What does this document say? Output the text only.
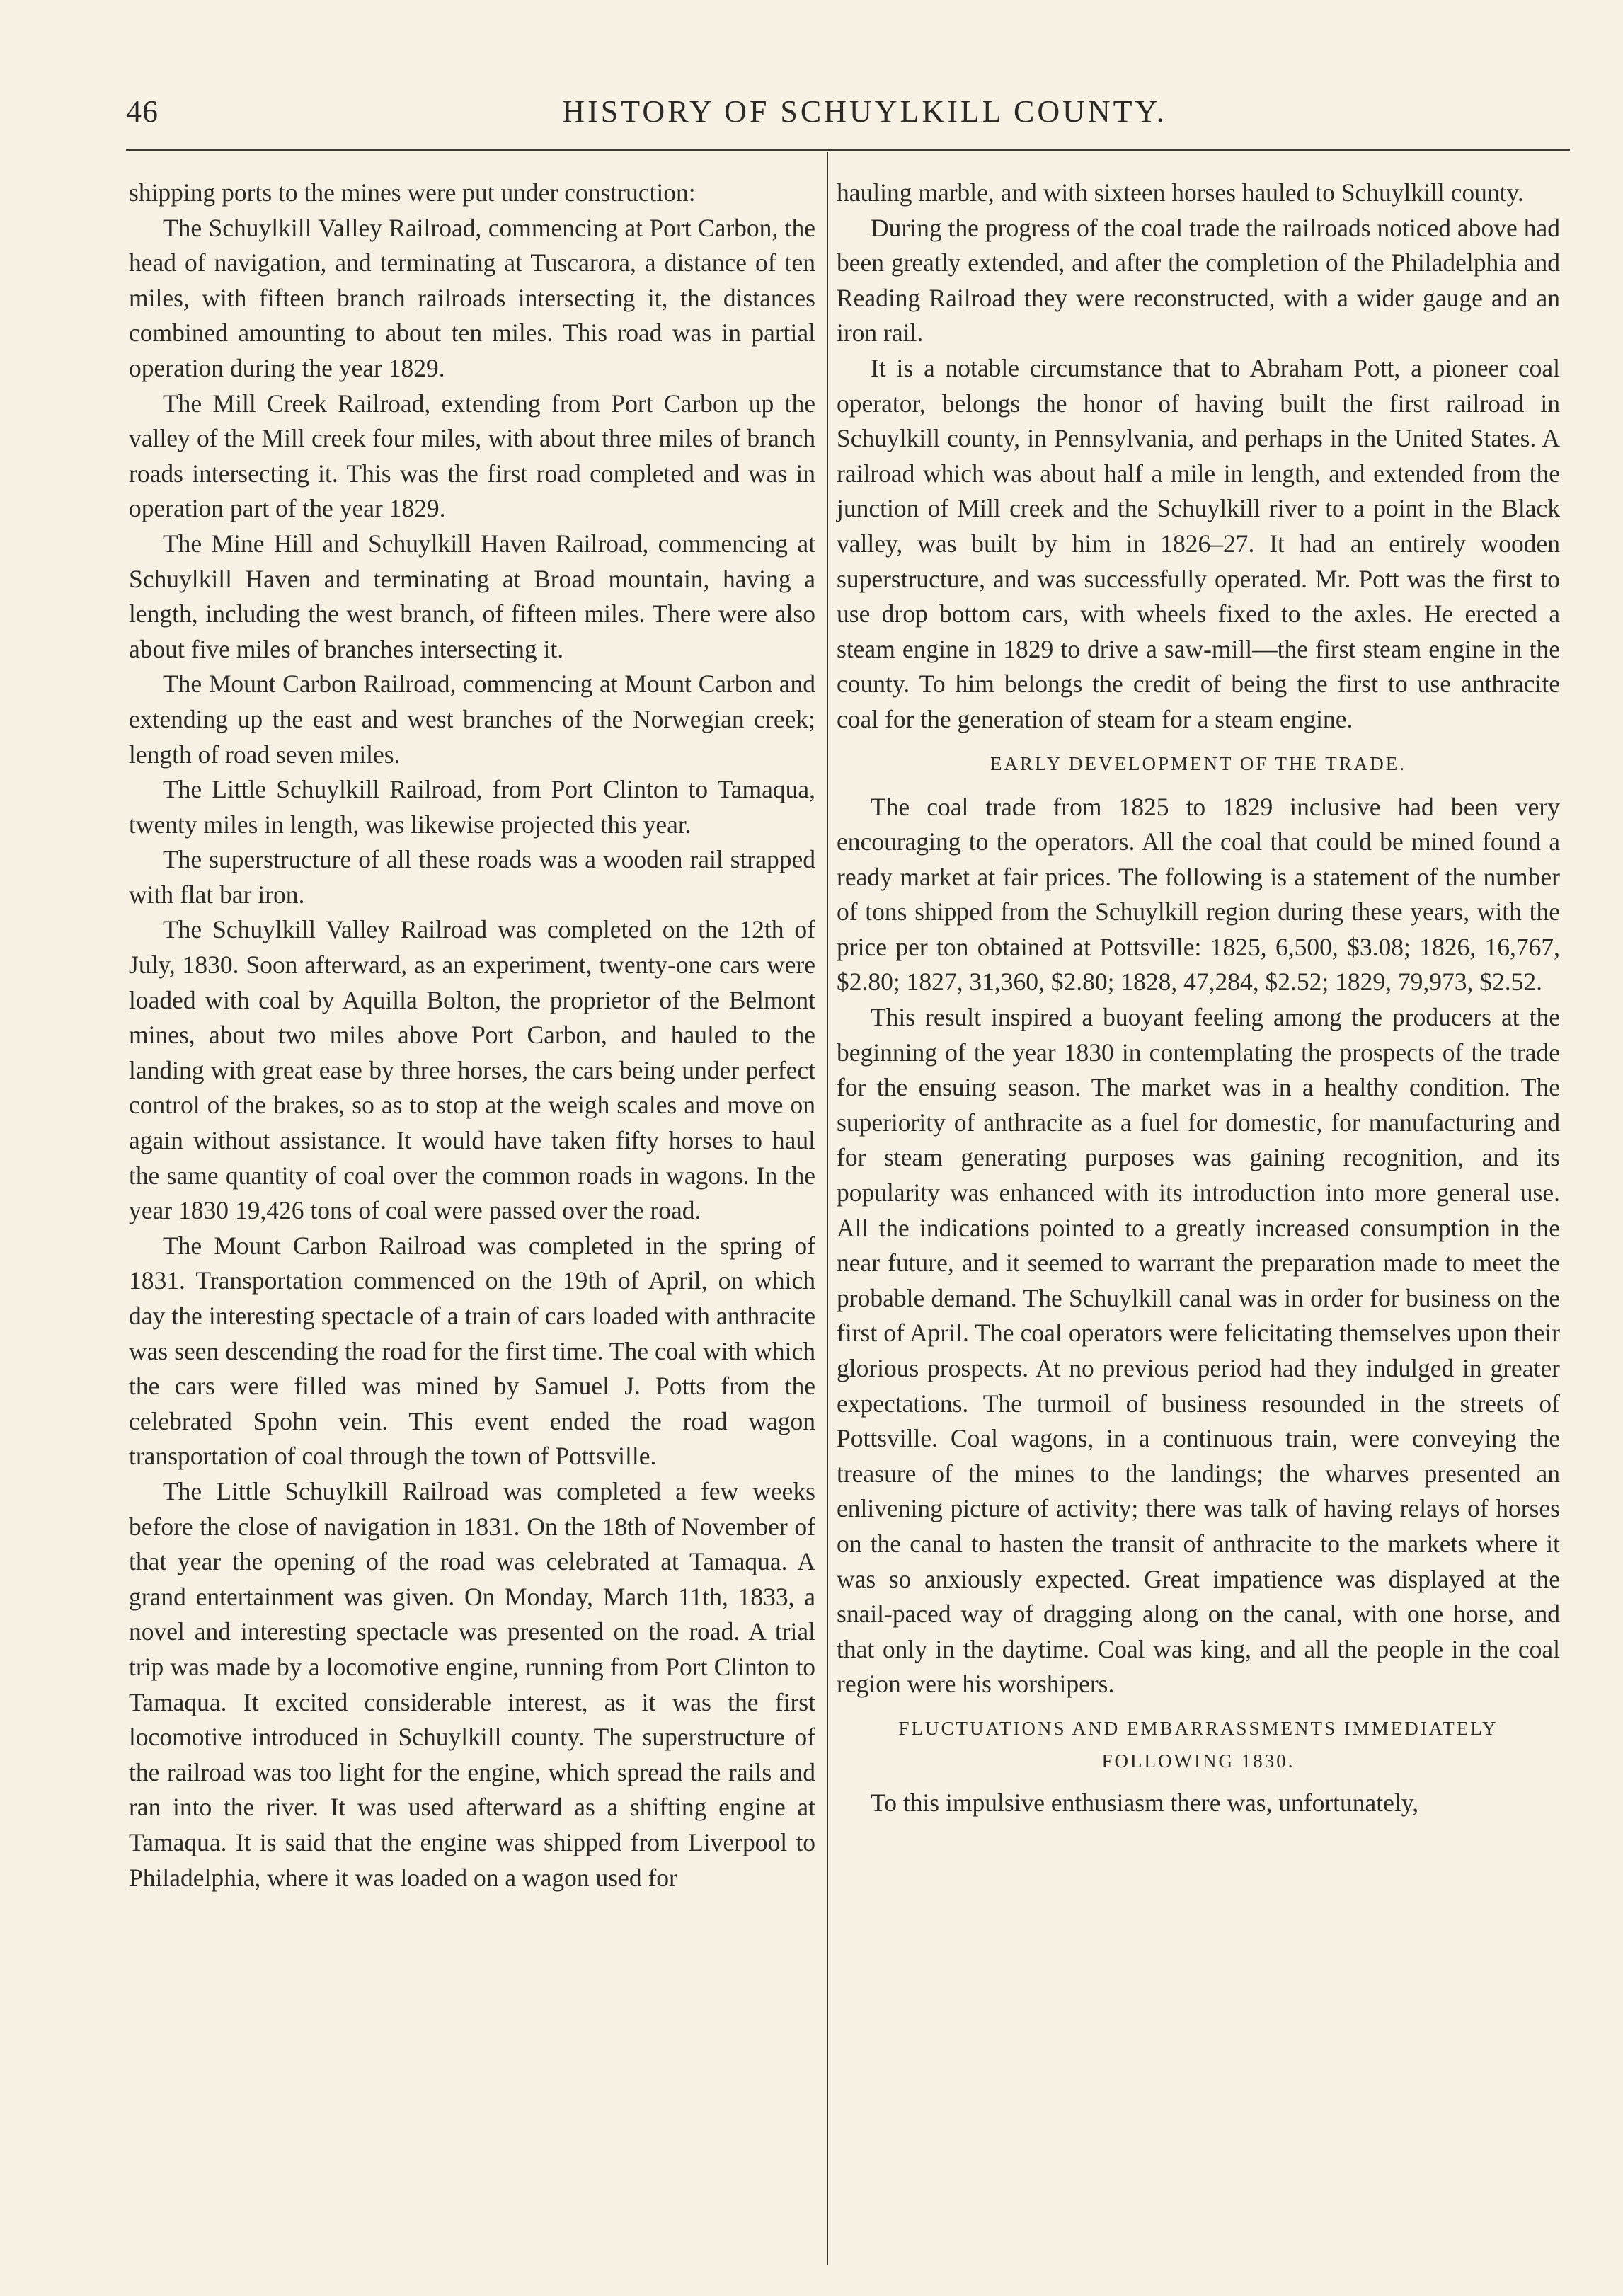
46	HISTORY OF SCHUYLKILL COUNTY.

shipping ports to the mines were put under construction:

The Schuylkill Valley Railroad, commencing at Port Carbon, the head of navigation, and terminating at Tuscarora, a distance of ten miles, with fifteen branch railroads intersecting it, the distances combined amounting to about ten miles. This road was in partial operation during the year 1829.

The Mill Creek Railroad, extending from Port Carbon up the valley of the Mill creek four miles, with about three miles of branch roads intersecting it. This was the first road completed and was in operation part of the year 1829.

The Mine Hill and Schuylkill Haven Railroad, commencing at Schuylkill Haven and terminating at Broad mountain, having a length, including the west branch, of fifteen miles. There were also about five miles of branches intersecting it.

The Mount Carbon Railroad, commencing at Mount Carbon and extending up the east and west branches of the Norwegian creek; length of road seven miles.

The Little Schuylkill Railroad, from Port Clinton to Tamaqua, twenty miles in length, was likewise projected this year.

The superstructure of all these roads was a wooden rail strapped with flat bar iron.

The Schuylkill Valley Railroad was completed on the 12th of July, 1830. Soon afterward, as an experiment, twenty-one cars were loaded with coal by Aquilla Bolton, the proprietor of the Belmont mines, about two miles above Port Carbon, and hauled to the landing with great ease by three horses, the cars being under perfect control of the brakes, so as to stop at the weigh scales and move on again without assistance. It would have taken fifty horses to haul the same quantity of coal over the common roads in wagons. In the year 1830 19,426 tons of coal were passed over the road.

The Mount Carbon Railroad was completed in the spring of 1831. Transportation commenced on the 19th of April, on which day the interesting spectacle of a train of cars loaded with anthracite was seen descending the road for the first time. The coal with which the cars were filled was mined by Samuel J. Potts from the celebrated Spohn vein. This event ended the road wagon transportation of coal through the town of Pottsville.

The Little Schuylkill Railroad was completed a few weeks before the close of navigation in 1831. On the 18th of November of that year the opening of the road was celebrated at Tamaqua. A grand entertainment was given. On Monday, March 11th, 1833, a novel and interesting spectacle was presented on the road. A trial trip was made by a locomotive engine, running from Port Clinton to Tamaqua. It excited considerable interest, as it was the first locomotive introduced in Schuylkill county. The superstructure of the railroad was too light for the engine, which spread the rails and ran into the river. It was used afterward as a shifting engine at Tamaqua. It is said that the engine was shipped from Liverpool to Philadelphia, where it was loaded on a wagon used for

hauling marble, and with sixteen horses hauled to Schuylkill county.

During the progress of the coal trade the railroads noticed above had been greatly extended, and after the completion of the Philadelphia and Reading Railroad they were reconstructed, with a wider gauge and an iron rail.

It is a notable circumstance that to Abraham Pott, a pioneer coal operator, belongs the honor of having built the first railroad in Schuylkill county, in Pennsylvania, and perhaps in the United States. A railroad which was about half a mile in length, and extended from the junction of Mill creek and the Schuylkill river to a point in the Black valley, was built by him in 1826–27. It had an entirely wooden superstructure, and was successfully operated. Mr. Pott was the first to use drop bottom cars, with wheels fixed to the axles. He erected a steam engine in 1829 to drive a saw-mill—the first steam engine in the county. To him belongs the credit of being the first to use anthracite coal for the generation of steam for a steam engine.

EARLY DEVELOPMENT OF THE TRADE.

The coal trade from 1825 to 1829 inclusive had been very encouraging to the operators. All the coal that could be mined found a ready market at fair prices. The following is a statement of the number of tons shipped from the Schuylkill region during these years, with the price per ton obtained at Pottsville: 1825, 6,500, $3.08; 1826, 16,767, $2.80; 1827, 31,360, $2.80; 1828, 47,284, $2.52; 1829, 79,973, $2.52.

This result inspired a buoyant feeling among the producers at the beginning of the year 1830 in contemplating the prospects of the trade for the ensuing season. The market was in a healthy condition. The superiority of anthracite as a fuel for domestic, for manufacturing and for steam generating purposes was gaining recognition, and its popularity was enhanced with its introduction into more general use. All the indications pointed to a greatly increased consumption in the near future, and it seemed to warrant the preparation made to meet the probable demand. The Schuylkill canal was in order for business on the first of April. The coal operators were felicitating themselves upon their glorious prospects. At no previous period had they indulged in greater expectations. The turmoil of business resounded in the streets of Pottsville. Coal wagons, in a continuous train, were conveying the treasure of the mines to the landings; the wharves presented an enlivening picture of activity; there was talk of having relays of horses on the canal to hasten the transit of anthracite to the markets where it was so anxiously expected. Great impatience was displayed at the snail-paced way of dragging along on the canal, with one horse, and that only in the daytime. Coal was king, and all the people in the coal region were his worshipers.

FLUCTUATIONS AND EMBARRASSMENTS IMMEDIATELY FOLLOWING 1830.

To this impulsive enthusiasm there was, unfortunately,
